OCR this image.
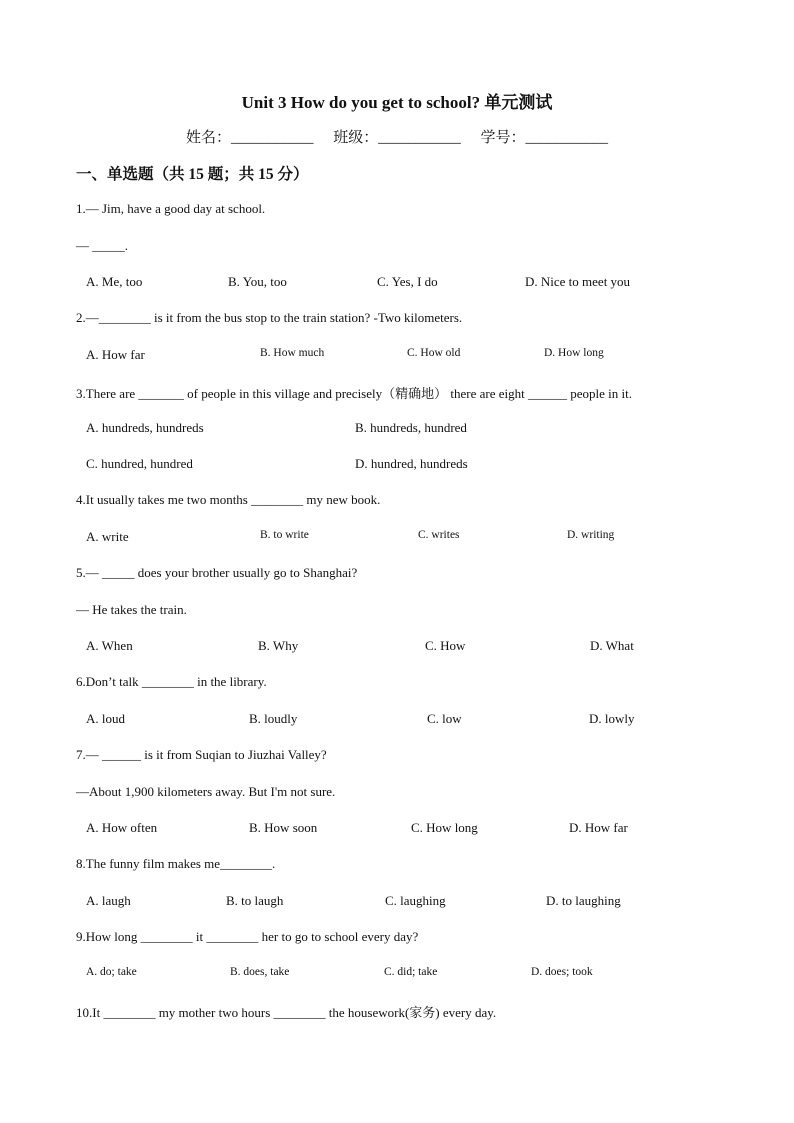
Unit 3 How do you get to school? 单元测试
姓名：___________ 班级：___________ 学号：___________
一、单选题（共 15 题；共 15 分）
1.— Jim, have a good day at school.
— _____.
A. Me, too	B. You, too	C. Yes, I do	D. Nice to meet you
2.—________ is it from the bus stop to the train station? -Two kilometers.
A. How far	B. How much	C. How old	D. How long
3.There are _______ of people in this village and precisely（精确地） there are eight ______ people in it.
A. hundreds, hundreds	B. hundreds, hundred
C. hundred, hundred	D. hundred, hundreds
4.It usually takes me two months ________ my new book.
A. write	B. to write	C. writes	D. writing
5.— _____ does your brother usually go to Shanghai?
— He takes the train.
A. When	B. Why	C. How	D. What
6.Don’t talk ________ in the library.
A. loud	B. loudly	C. low	D. lowly
7.— ______ is it from Suqian to Jiuzhai Valley?
—About 1,900 kilometers away. But I'm not sure.
A. How often	B. How soon	C. How long	D. How far
8.The funny film makes me________.
A. laugh	B. to laugh	C. laughing	D. to laughing
9.How long ________ it ________ her to go to school every day?
A. do; take	B. does, take	C. did; take	D. does; took
10.It ________ my mother two hours ________ the housework(家务) every day.
